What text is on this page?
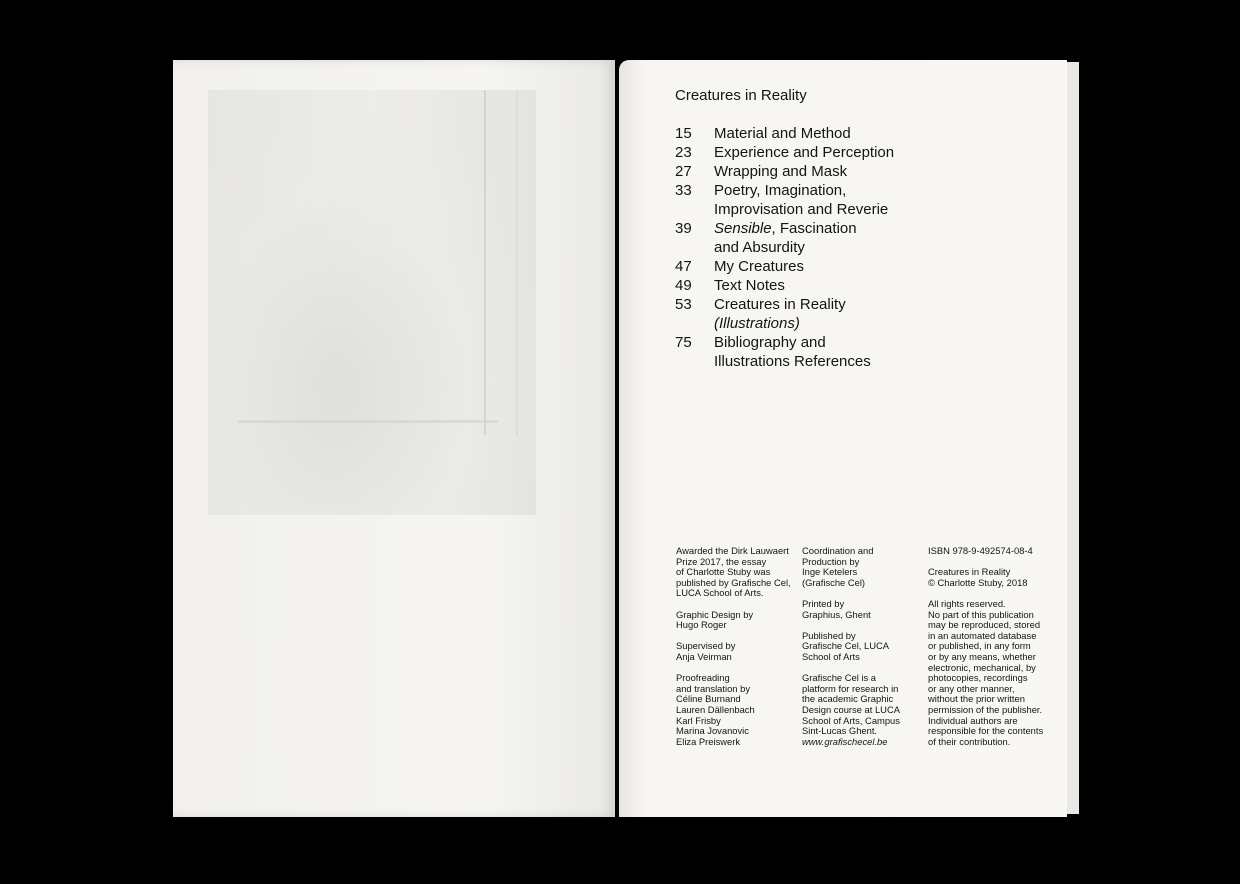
Creatures in Reality
15	Material and Method
23	Experience and Perception
27	Wrapping and Mask
33	Poetry, Imagination,
Improvisation and Reverie
39	Sensible, Fascination
and Absurdity
47	My Creatures
49	Text Notes
53	Creatures in Reality
(Illustrations)
75	Bibliography and
Illustrations References

Awarded the Dirk Lauwaert
Prize 2017, the essay
of Charlotte Stuby was
published by Grafische Cel,
LUCA School of Arts.

Graphic Design by
Hugo Roger

Supervised by
Anja Veirman

Proofreading
and translation by
Céline Burnand
Lauren Dällenbach
Karl Frisby
Marina Jovanovic
Eliza Preiswerk

Coordination and
Production by
Inge Ketelers
(Grafische Cel)

Printed by
Graphius, Ghent

Published by
Grafische Cel, LUCA
School of Arts

Grafische Cel is a
platform for research in
the academic Graphic
Design course at LUCA
School of Arts, Campus
Sint-Lucas Ghent.

www.grafischecel.be

ISBN 978-9-492574-08-4

Creatures in Reality
© Charlotte Stuby, 2018

All rights reserved.
No part of this publication
may be reproduced, stored
in an automated database
or published, in any form
or by any means, whether
electronic, mechanical, by
photocopies, recordings
or any other manner,
without the prior written
permission of the publisher.
Individual authors are
responsible for the contents
of their contribution.
